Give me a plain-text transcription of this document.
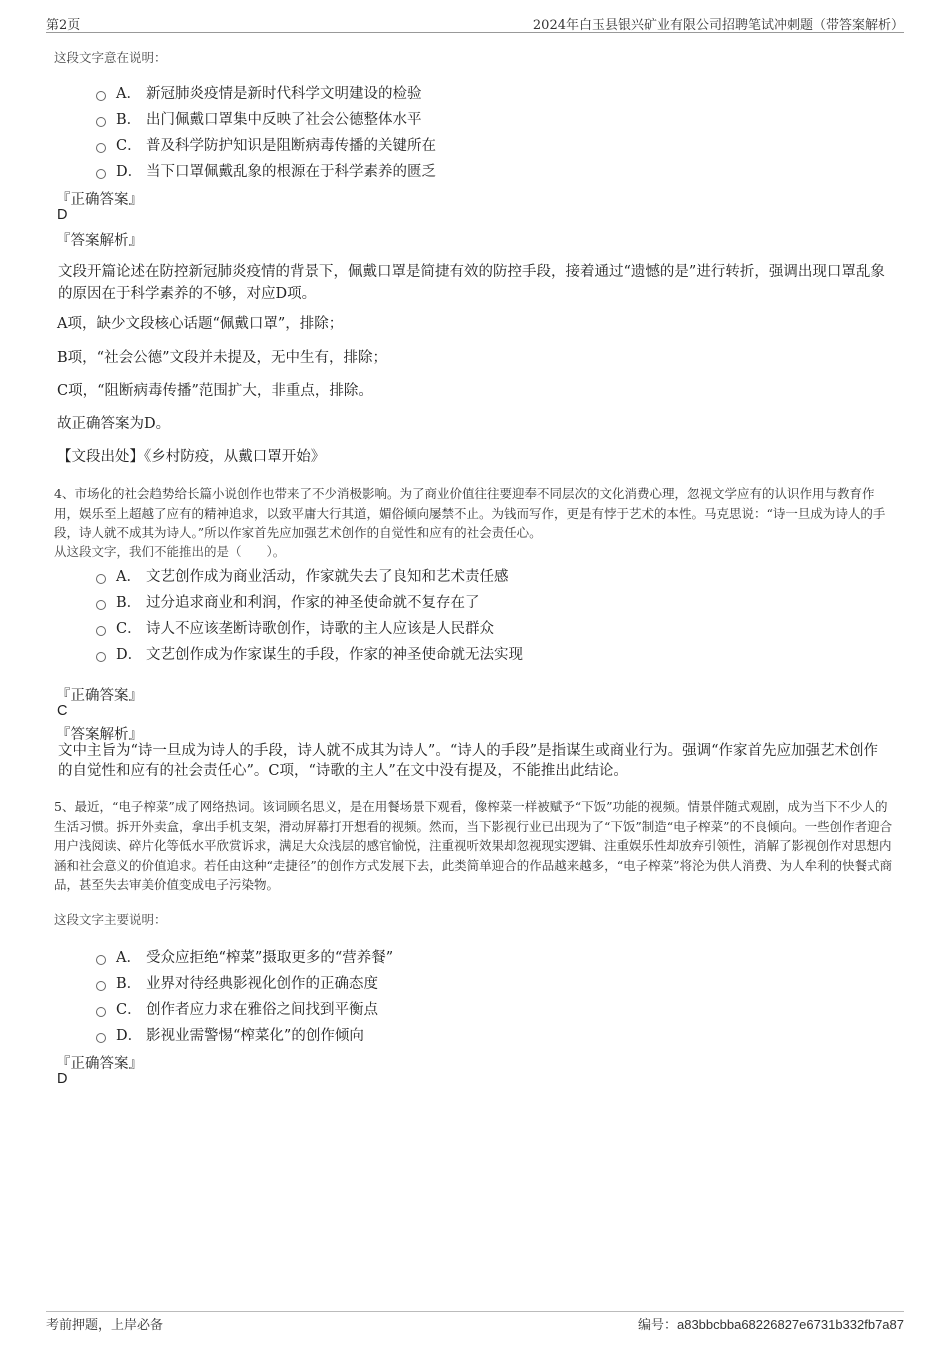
第2页	2024年白玉县银兴矿业有限公司招聘笔试冲刺题（带答案解析）
这段文字意在说明：
A． 新冠肺炎疫情是新时代科学文明建设的检验
B． 出门佩戴口罩集中反映了社会公德整体水平
C． 普及科学防护知识是阻断病毒传播的关键所在
D． 当下口罩佩戴乱象的根源在于科学素养的匮乏
『正确答案』
D
『答案解析』
文段开篇论述在防控新冠肺炎疫情的背景下，佩戴口罩是简捷有效的防控手段，接着通过“遗憾的是”进行转折，强调出现口罩乱象的原因在于科学素养的不够，对应D项。
A项，缺少文段核心话题“佩戴口罩”，排除；
B项，“社会公德”文段并未提及，无中生有，排除；
C项，“阻断病毒传播”范围扩大，非重点，排除。
故正确答案为D。
【文段出处】《乡村防疫，从戴口罩开始》
4、市场化的社会趋势给长篇小说创作也带来了不少消极影响。为了商业价值往往要迎奉不同层次的文化消费心理，忽视文学应有的认识作用与教育作用，娱乐至上超越了应有的精神追求，以致平庸大行其道，媚俗倾向屡禁不止。为钱而写作，更是有悖于艺术的本性。马克思说：“诗一旦成为诗人的手段，诗人就不成其为诗人。”所以作家首先应加强艺术创作的自觉性和应有的社会责任心。
从这段文字，我们不能推出的是（　　）。
A． 文艺创作成为商业活动，作家就失去了良知和艺术责任感
B． 过分追求商业和利润，作家的神圣使命就不复存在了
C． 诗人不应该垄断诗歌创作，诗歌的主人应该是人民群众
D． 文艺创作成为作家谋生的手段，作家的神圣使命就无法实现
『正确答案』
C
『答案解析』
文中主旨为“诗一旦成为诗人的手段，诗人就不成其为诗人”。“诗人的手段”是指谋生或商业行为。强调“作家首先应加强艺术创作的自觉性和应有的社会责任心”。C项，“诗歌的主人”在文中没有提及，不能推出此结论。
5、最近，“电子榨菜”成了网络热词。该词顾名思义，是在用餐场景下观看，像榨菜一样被赋予“下饭”功能的视频。情景伴随式观剧，成为当下不少人的生活习惯。拆开外卖盒，拿出手机支架，滑动屏幕打开想看的视频。然而，当下影视行业已出现为了“下饭”制造“电子榨菜”的不良倾向。一些创作者迎合用户浅阅读、碎片化等低水平欣赏诉求，满足大众浅层的感官愉悦，注重视听效果却忽视现实逻辑、注重娱乐性却放弃引领性，消解了影视创作对思想内涵和社会意义的价值追求。若任由这种“走捷径”的创作方式发展下去，此类简单迎合的作品越来越多，“电子榨菜”将沦为供人消费、为人牟利的快餐式商品，甚至失去审美价值变成电子污染物。
这段文字主要说明：
A． 受众应拒绝“榨菜”摄取更多的“营养餐”
B． 业界对待经典影视化创作的正确态度
C． 创作者应力求在雅俗之间找到平衡点
D． 影视业需警惕“榨菜化”的创作倾向
『正确答案』
D
考前押题，上岸必备	编号：a83bbcbba68226827e6731b332fb7a87
